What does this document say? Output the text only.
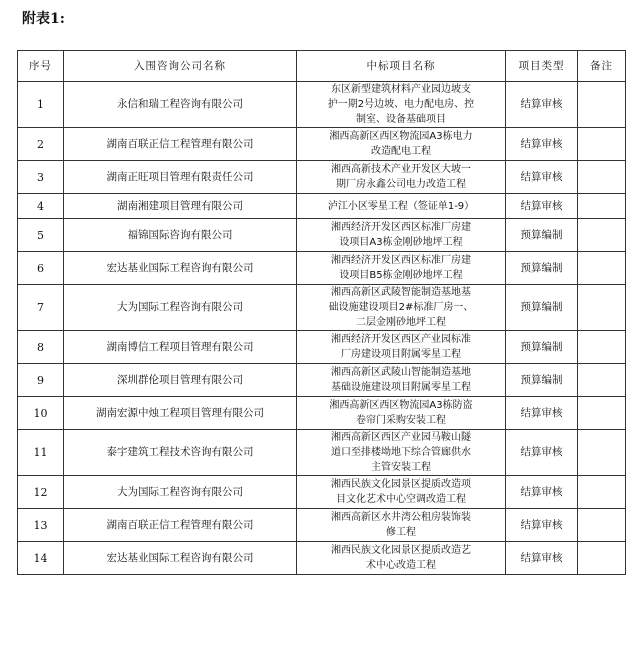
附表1:
序号	入围咨询公司名称	中标项目名称	项目类型	备注
1	永信和瑞工程咨询有限公司	东区新型建筑材料产业园边坡支
护一期2号边坡、电力配电房、控
制室、设备基础项目	结算审核	
2	湖南百联正信工程管理有限公司	湘西高新区西区物流园A3栋电力
改造配电工程	结算审核	
3	湖南正旺项目管理有限责任公司	湘西高新技术产业开发区大坡一
期厂房永鑫公司电力改造工程	结算审核	
4	湖南湘建项目管理有限公司	泸江小区零星工程（签证单1-9）	结算审核	
5	福锦国际咨询有限公司	湘西经济开发区西区标准厂房建
设项目A3栋金刚砂地坪工程	预算编制	
6	宏达基业国际工程咨询有限公司	湘西经济开发区西区标准厂房建
设项目B5栋金刚砂地坪工程	预算编制	
7	大为国际工程咨询有限公司	湘西高新区武陵智能制造基地基
础设施建设项目2#标准厂房一、
二层金刚砂地坪工程	预算编制	
8	湖南博信工程项目管理有限公司	湘西经济开发区西区产业园标准
厂房建设项目附属零星工程	预算编制	
9	深圳群伦项目管理有限公司	湘西高新区武陵山智能制造基地
基础设施建设项目附属零星工程	预算编制	
10	湖南宏源中烛工程项目管理有限公司	湘西高新区西区物流园A3栋防盗
卷帘门采购安装工程	结算审核	
11	泰宇建筑工程技术咨询有限公司	湘西高新区西区产业园马鞍山隧
道口至排楼坳地下综合管廊供水
主管安装工程	结算审核	
12	大为国际工程咨询有限公司	湘西民族文化园景区提质改造项
目文化艺术中心空调改造工程	结算审核	
13	湖南百联正信工程管理有限公司	湘西高新区水井湾公租房装饰装
修工程	结算审核	
14	宏达基业国际工程咨询有限公司	湘西民族文化园景区提质改造艺
术中心改造工程	结算审核	
